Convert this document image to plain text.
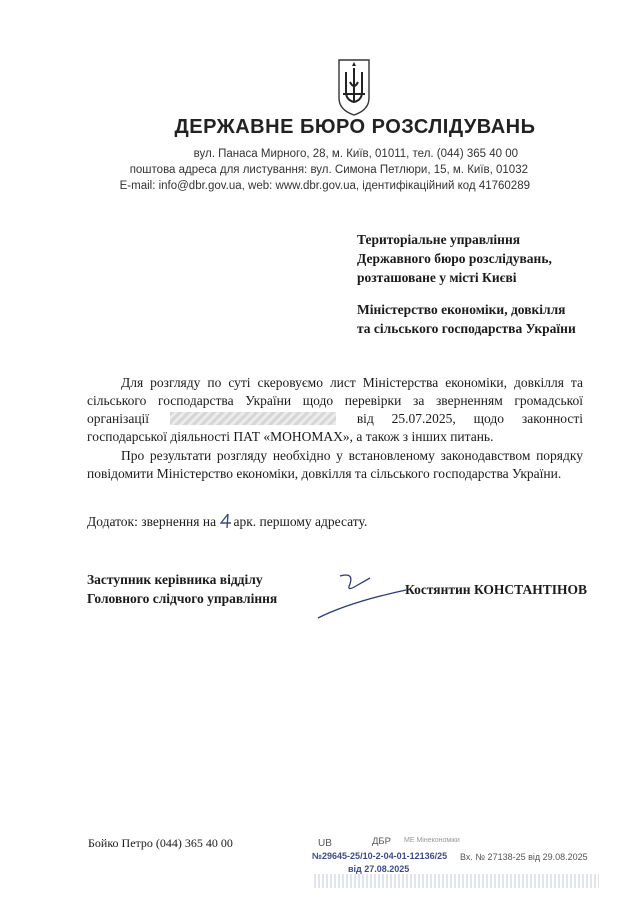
ДЕРЖАВНЕ БЮРО РОЗСЛІДУВАНЬ
вул. Панаса Мирного, 28, м. Київ, 01011, тел. (044) 365 40 00
поштова адреса для листування: вул. Симона Петлюри, 15, м. Київ, 01032
E-mail: info@dbr.gov.ua, web: www.dbr.gov.ua, ідентифікаційний код 41760289
Територіальне управління
Державного бюро розслідувань,
розташоване у місті Києві
Міністерство економіки, довкілля
та сільського господарства України
Для розгляду по суті скеровуємо лист Міністерства економіки, довкілля та сільського господарства України щодо перевірки за зверненням громадської організації	від 25.07.2025, щодо законності господарської діяльності ПАТ «МОНОМАХ», а також з інших питань.
Про результати розгляду необхідно у встановленому законодавством порядку повідомити Міністерство економіки, довкілля та сільського господарства України.
Додаток: звернення на арк. першому адресату.
Заступник керівника відділу
Головного слідчого управління
Костянтин КОНСТАНТІНОВ
Бойко Петро (044) 365 40 00	UB	ДБР МЕ Мінекономіки
№29645-25/10-2-04-01-12136/25
від 27.08.2025
Вх. № 27138-25 від 29.08.2025
